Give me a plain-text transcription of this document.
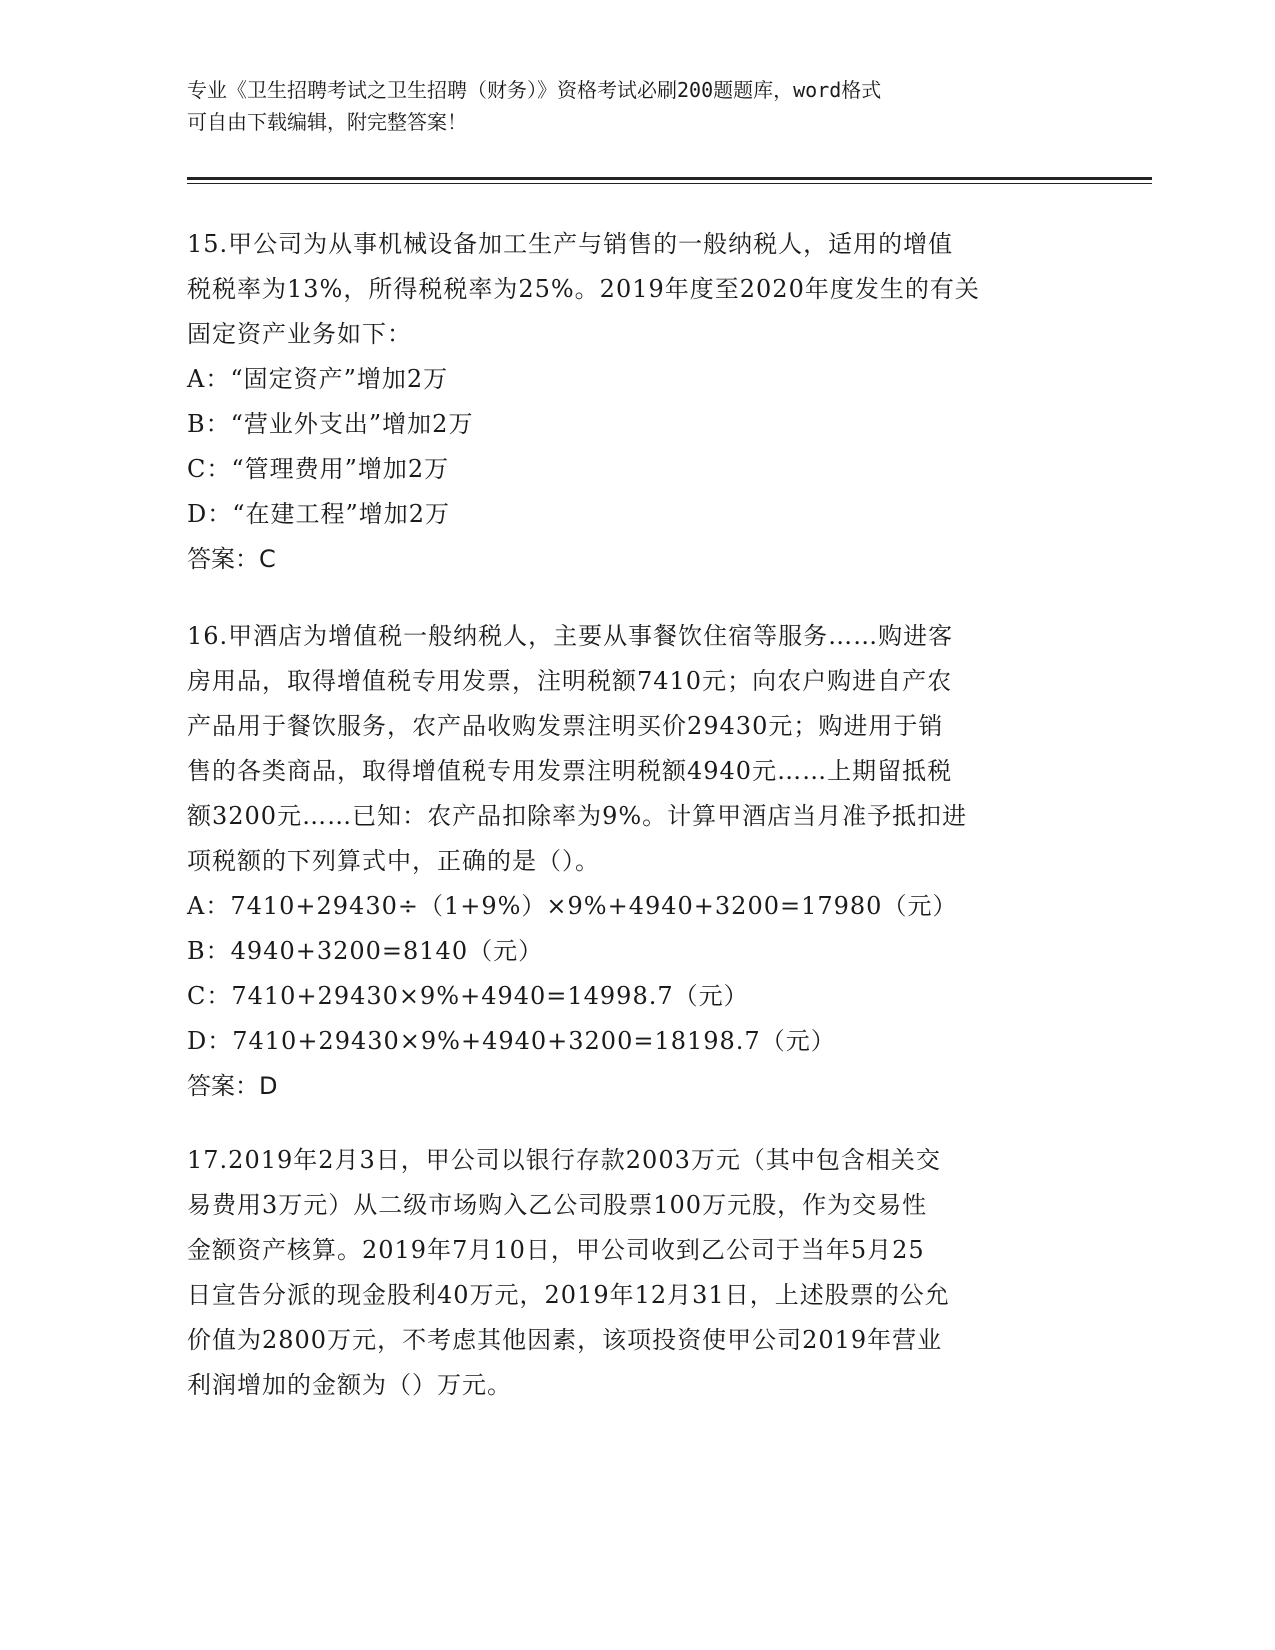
专业《卫生招聘考试之卫生招聘（财务）》资格考试必刷200题题库，word格式
可自由下载编辑，附完整答案！
15.甲公司为从事机械设备加工生产与销售的一般纳税人，适用的增值
税税率为13%，所得税税率为25%。2019年度至2020年度发生的有关
固定资产业务如下：
A：“固定资产”增加2万
B：“营业外支出”增加2万
C：“管理费用”增加2万
D：“在建工程”增加2万
答案：C
16.甲酒店为增值税一般纳税人，主要从事餐饮住宿等服务……购进客
房用品，取得增值税专用发票，注明税额7410元；向农户购进自产农
产品用于餐饮服务，农产品收购发票注明买价29430元；购进用于销
售的各类商品，取得增值税专用发票注明税额4940元……上期留抵税
额3200元……已知：农产品扣除率为9%。计算甲酒店当月准予抵扣进
项税额的下列算式中，正确的是（）。
A：7410+29430÷（1+9%）×9%+4940+3200=17980（元）
B：4940+3200=8140（元）
C：7410+29430×9%+4940=14998.7（元）
D：7410+29430×9%+4940+3200=18198.7（元）
答案：D
17.2019年2月3日，甲公司以银行存款2003万元（其中包含相关交
易费用3万元）从二级市场购入乙公司股票100万元股，作为交易性
金额资产核算。2019年7月10日，甲公司收到乙公司于当年5月25
日宣告分派的现金股利40万元，2019年12月31日，上述股票的公允
价值为2800万元，不考虑其他因素，该项投资使甲公司2019年营业
利润增加的金额为（）万元。
